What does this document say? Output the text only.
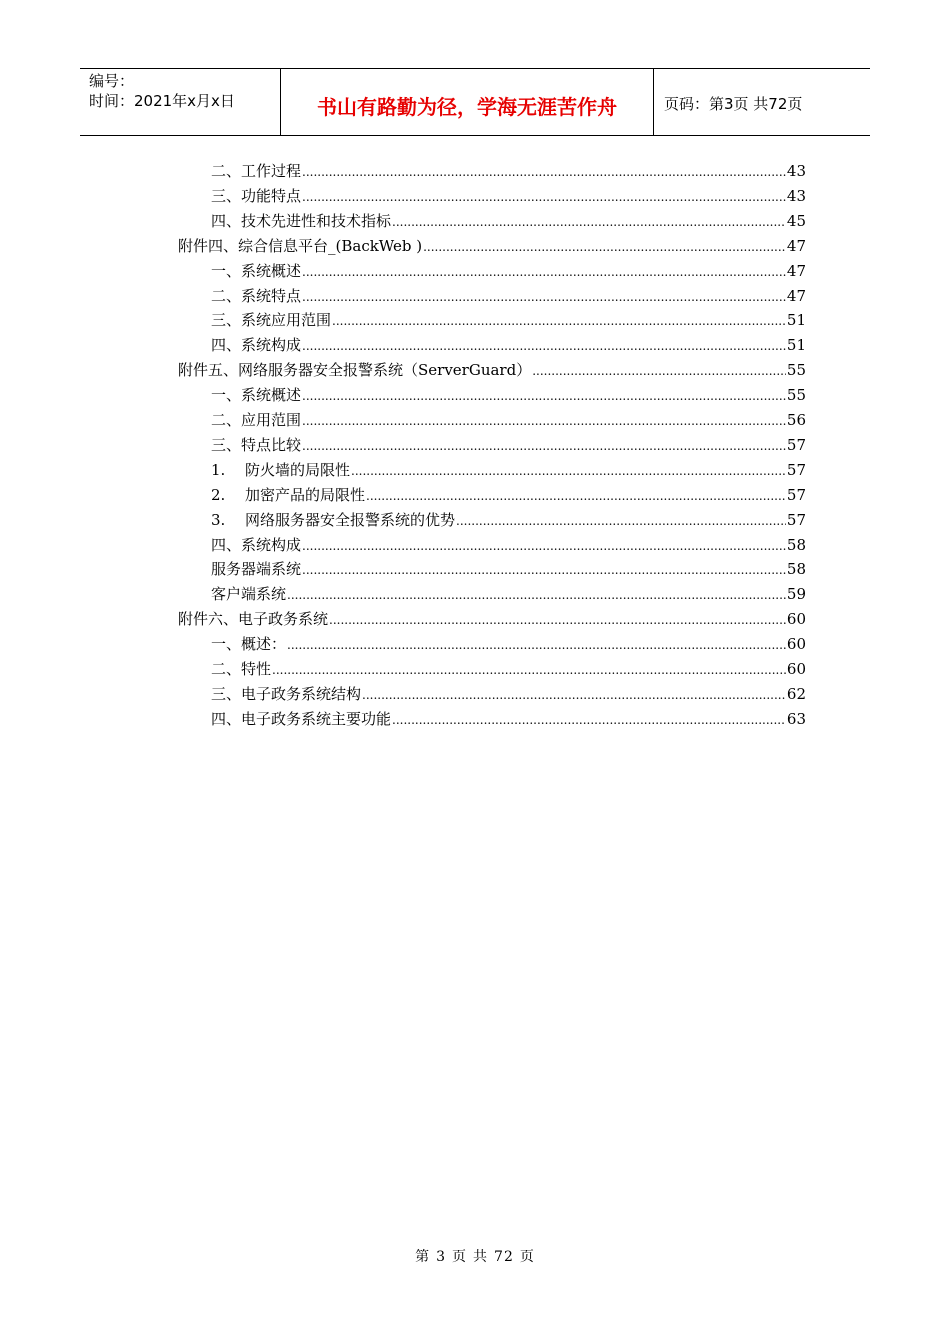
编号：
时间：2021年x月x日	书山有路勤为径，学海无涯苦作舟	页码：第3页 共72页
二、工作过程 .....	43
三、功能特点 .....	43
四、技术先进性和技术指标 .....	45
附件四、综合信息平台_(BackWeb ) .....	47
一、系统概述 .....	47
二、系统特点 .....	47
三、系统应用范围 .....	51
四、系统构成 .....	51
附件五、网络服务器安全报警系统（ServerGuard） .....	55
一、系统概述 .....	55
二、应用范围 .....	56
三、特点比较 .....	57
1. 防火墙的局限性 .....	57
2. 加密产品的局限性 .....	57
3. 网络服务器安全报警系统的优势 .....	57
四、系统构成 .....	58
服务器端系统 .....	58
客户端系统 .....	59
附件六、电子政务系统 .....	60
一、概述： .....	60
二、特性 .....	60
三、电子政务系统结构 .....	62
四、电子政务系统主要功能 .....	63
第 3 页 共 72 页
